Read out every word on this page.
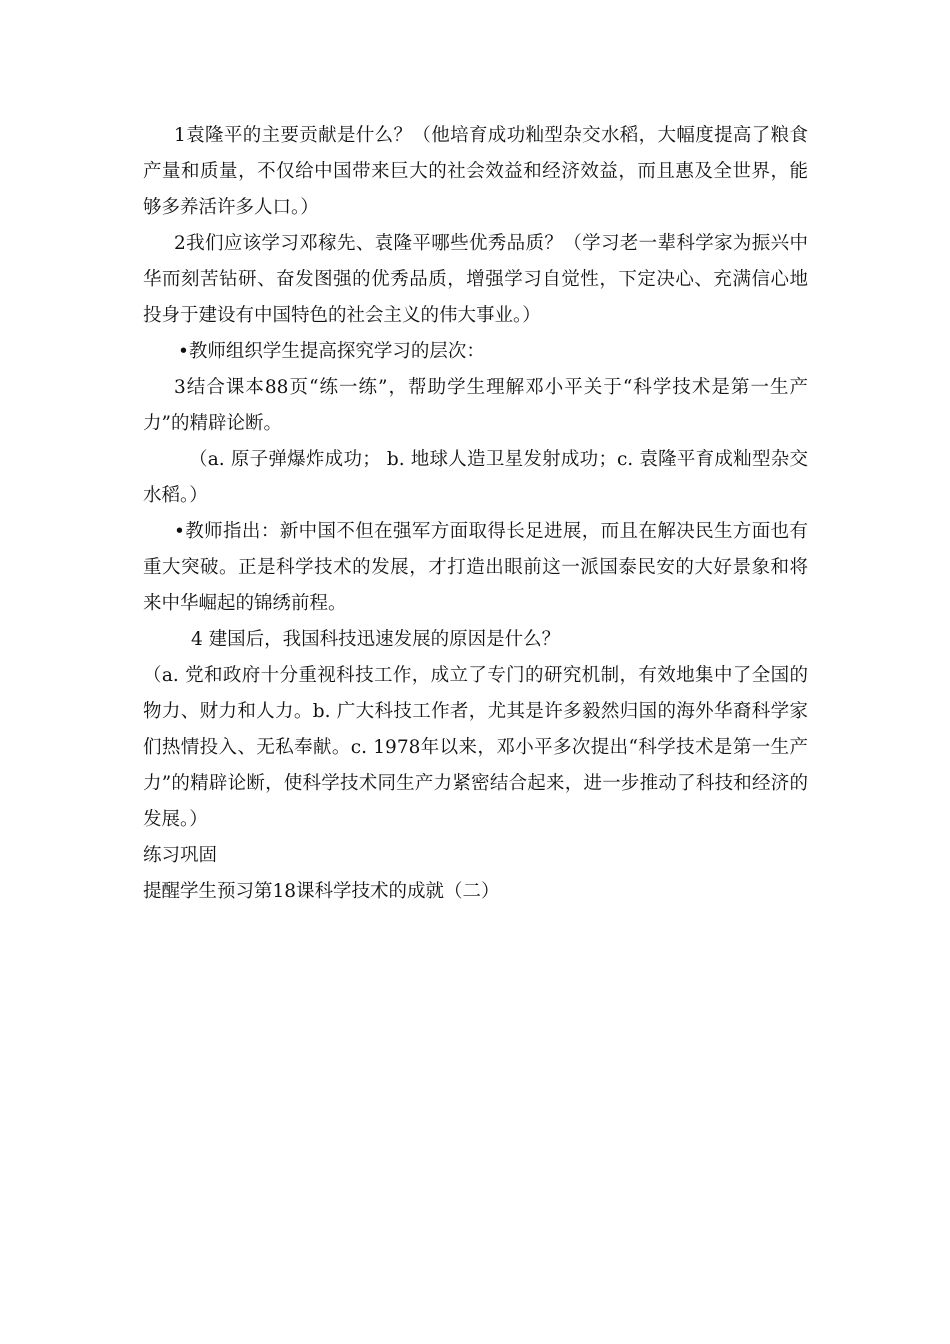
1袁隆平的主要贡献是什么？（他培育成功籼型杂交水稻，大幅度提高了粮食产量和质量，不仅给中国带来巨大的社会效益和经济效益，而且惠及全世界，能够多养活许多人口。）

2我们应该学习邓稼先、袁隆平哪些优秀品质？（学习老一辈科学家为振兴中华而刻苦钻研、奋发图强的优秀品质，增强学习自觉性，下定决心、充满信心地投身于建设有中国特色的社会主义的伟大事业。）

•教师组织学生提高探究学习的层次：

3结合课本88页“练一练”，帮助学生理解邓小平关于“科学技术是第一生产力”的精辟论断。

（a. 原子弹爆炸成功； b. 地球人造卫星发射成功；c. 袁隆平育成籼型杂交水稻。）

•教师指出：新中国不但在强军方面取得长足进展，而且在解决民生方面也有重大突破。正是科学技术的发展，才打造出眼前这一派国泰民安的大好景象和将来中华崛起的锦绣前程。

4 建国后，我国科技迅速发展的原因是什么？

（a. 党和政府十分重视科技工作，成立了专门的研究机制，有效地集中了全国的物力、财力和人力。b. 广大科技工作者，尤其是许多毅然归国的海外华裔科学家们热情投入、无私奉献。c. 1978年以来，邓小平多次提出“科学技术是第一生产力”的精辟论断，使科学技术同生产力紧密结合起来，进一步推动了科技和经济的发展。）

练习巩固

提醒学生预习第18课科学技术的成就（二）
